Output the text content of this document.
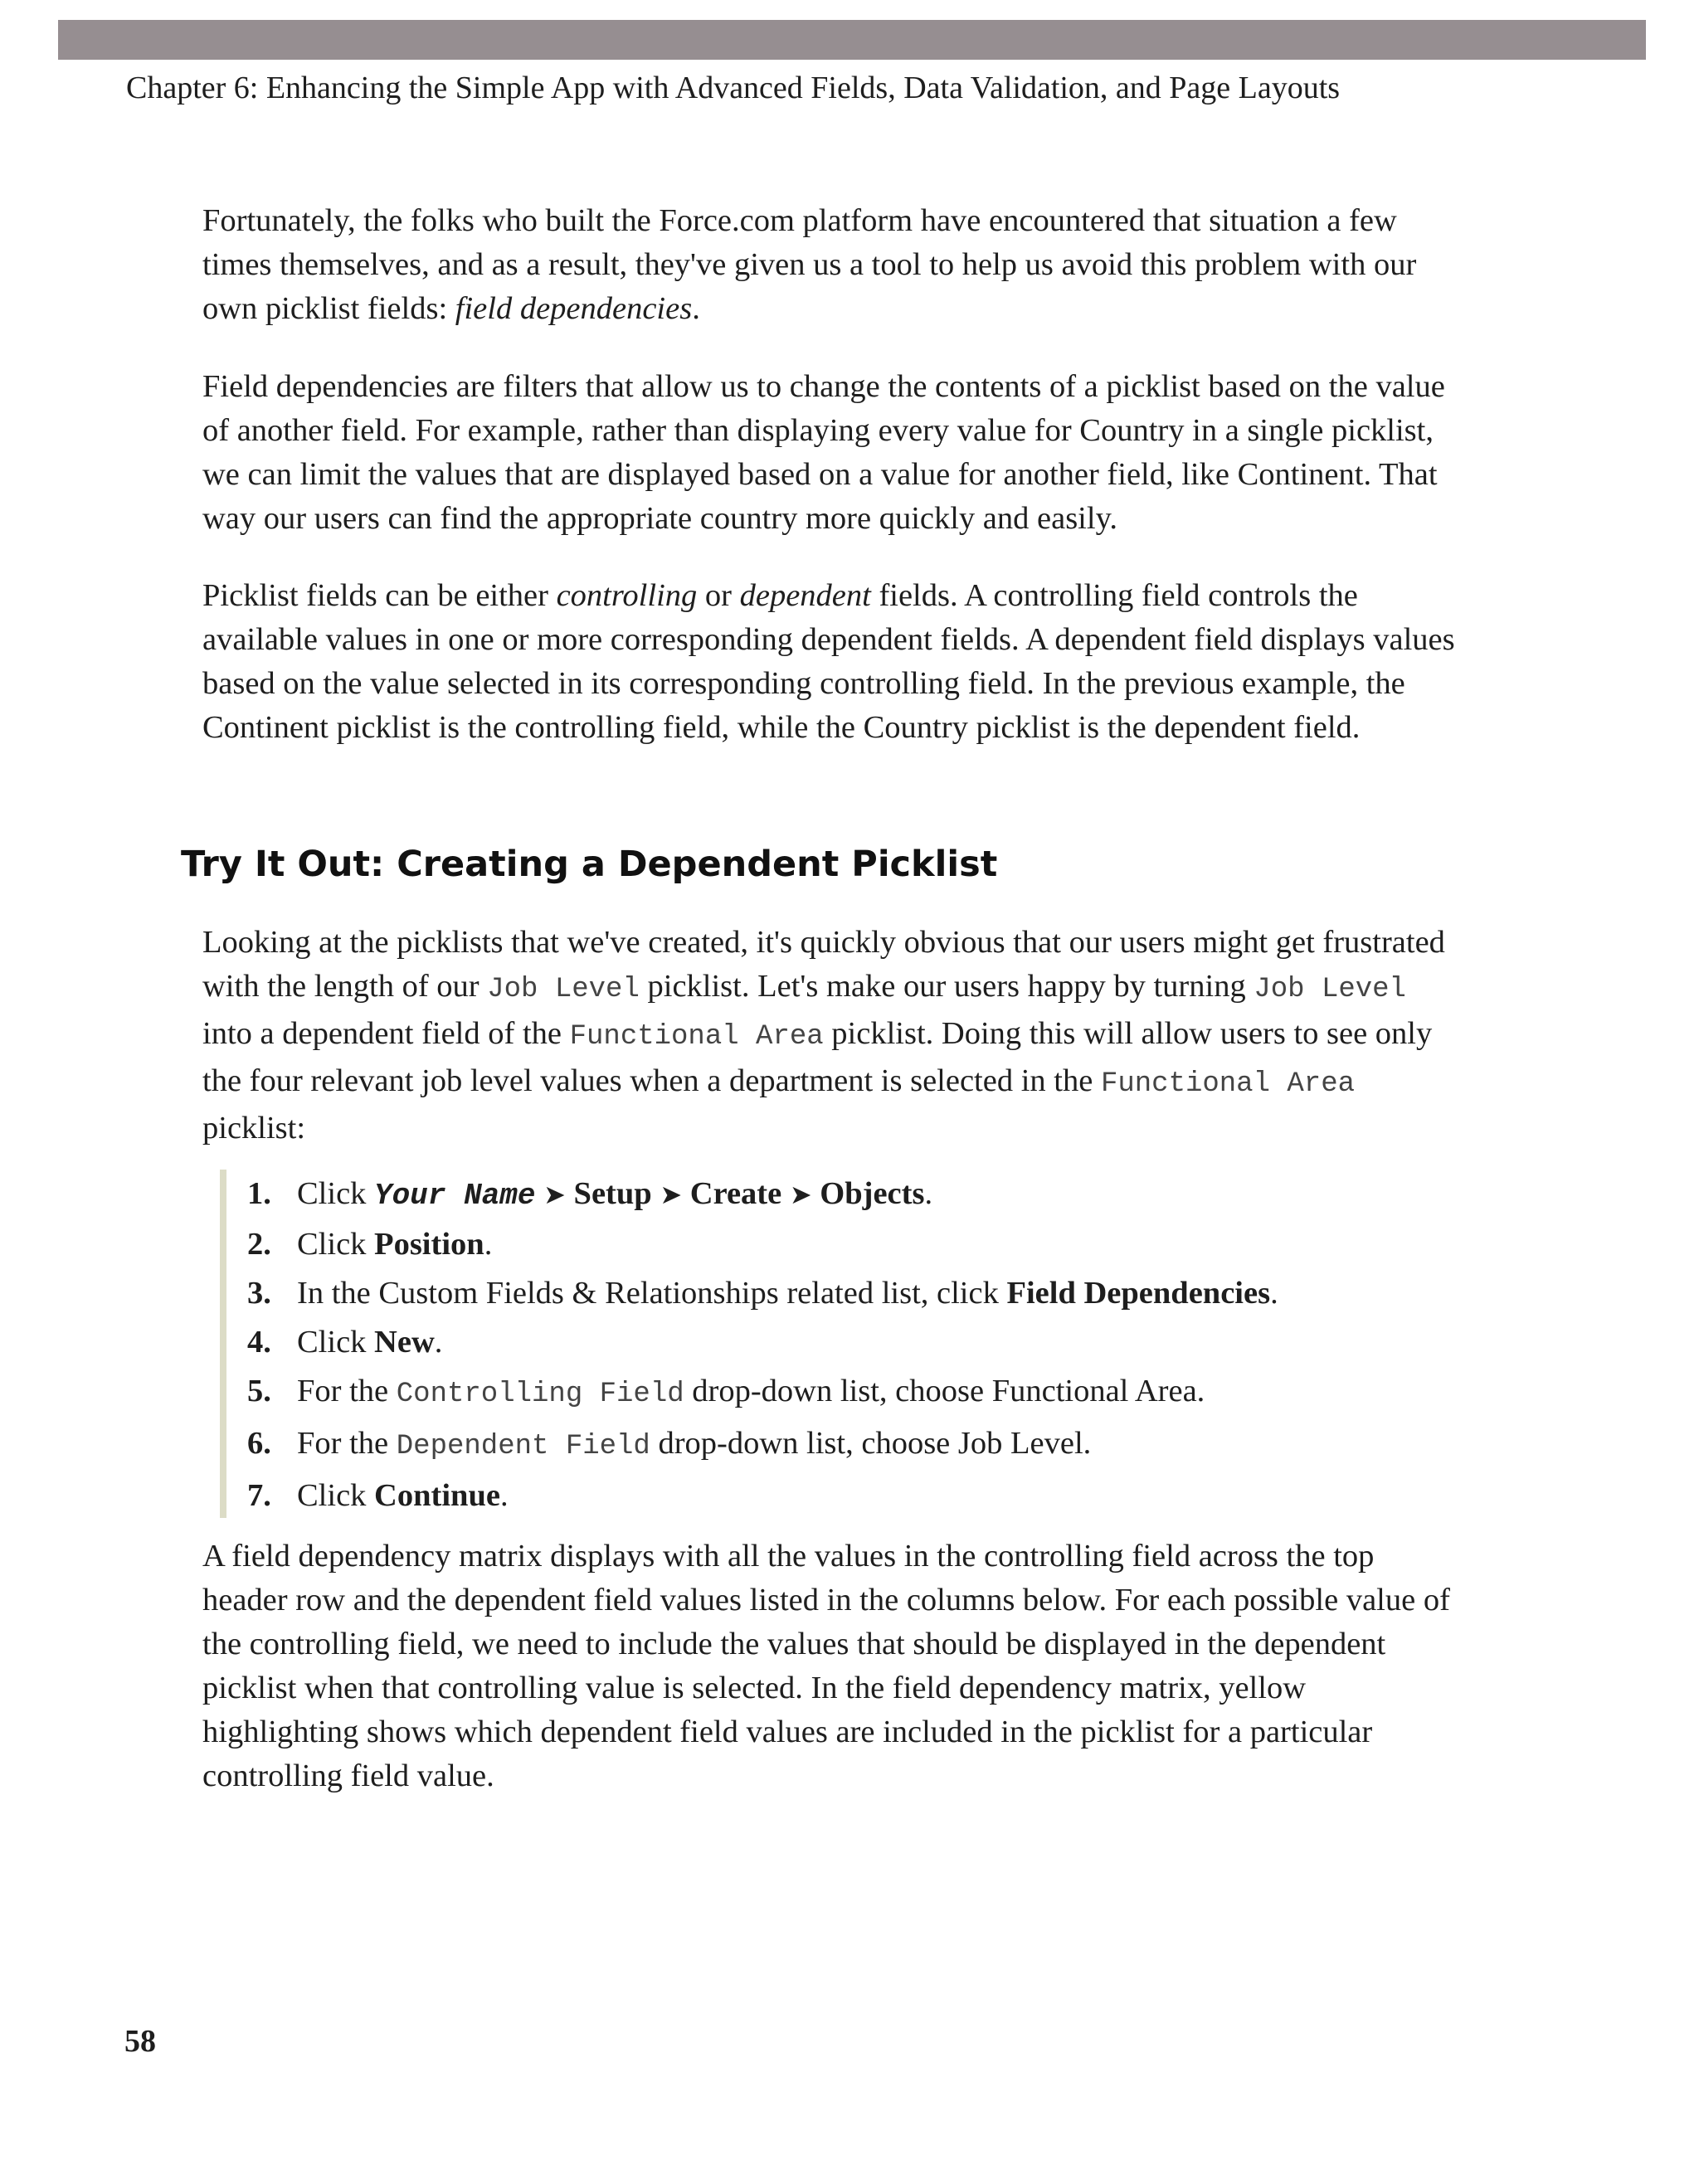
Chapter 6: Enhancing the Simple App with Advanced Fields, Data Validation, and Page Layouts

Fortunately, the folks who built the Force.com platform have encountered that situation a few times themselves, and as a result, they've given us a tool to help us avoid this problem with our own picklist fields: field dependencies.

Field dependencies are filters that allow us to change the contents of a picklist based on the value of another field. For example, rather than displaying every value for Country in a single picklist, we can limit the values that are displayed based on a value for another field, like Continent. That way our users can find the appropriate country more quickly and easily.

Picklist fields can be either controlling or dependent fields. A controlling field controls the available values in one or more corresponding dependent fields. A dependent field displays values based on the value selected in its corresponding controlling field. In the previous example, the Continent picklist is the controlling field, while the Country picklist is the dependent field.

Try It Out: Creating a Dependent Picklist

Looking at the picklists that we've created, it's quickly obvious that our users might get frustrated with the length of our Job Level picklist. Let's make our users happy by turning Job Level into a dependent field of the Functional Area picklist. Doing this will allow users to see only the four relevant job level values when a department is selected in the Functional Area picklist:

1. Click Your Name ➤ Setup ➤ Create ➤ Objects.
2. Click Position.
3. In the Custom Fields & Relationships related list, click Field Dependencies.
4. Click New.
5. For the Controlling Field drop-down list, choose Functional Area.
6. For the Dependent Field drop-down list, choose Job Level.
7. Click Continue.

A field dependency matrix displays with all the values in the controlling field across the top header row and the dependent field values listed in the columns below. For each possible value of the controlling field, we need to include the values that should be displayed in the dependent picklist when that controlling value is selected. In the field dependency matrix, yellow highlighting shows which dependent field values are included in the picklist for a particular controlling field value.

58
